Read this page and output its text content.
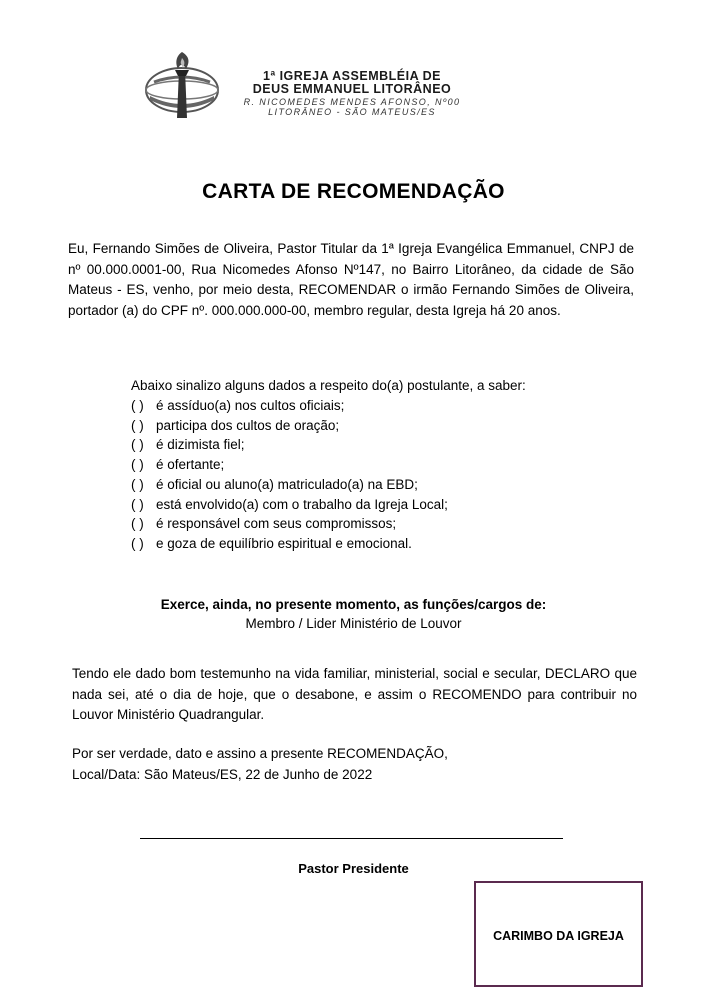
1ª IGREJA ASSEMBLÉIA DE
DEUS EMMANUEL LITORÂNEO
R. NICOMEDES MENDES AFONSO, Nº00
LITORÂNEO - SÃO MATEUS/ES
CARTA DE RECOMENDAÇÃO
Eu, Fernando Simões de Oliveira, Pastor Titular da 1ª Igreja Evangélica Emmanuel, CNPJ de nº 00.000.0001-00, Rua Nicomedes Afonso Nº147, no Bairro Litorâneo, da cidade de São Mateus - ES, venho, por meio desta, RECOMENDAR o irmão Fernando Simões de Oliveira, portador (a) do CPF nº. 000.000.000-00, membro regular, desta Igreja há 20 anos.
Abaixo sinalizo alguns dados a respeito do(a) postulante, a saber:
( ) é assíduo(a) nos cultos oficiais;
( ) participa dos cultos de oração;
( ) é dizimista fiel;
( ) é ofertante;
( ) é oficial ou aluno(a) matriculado(a) na EBD;
( ) está envolvido(a) com o trabalho da Igreja Local;
( ) é responsável com seus compromissos;
( ) e goza de equilíbrio espiritual e emocional.
Exerce, ainda, no presente momento, as funções/cargos de:
Membro / Lider Ministério de Louvor
Tendo ele dado bom testemunho na vida familiar, ministerial, social e secular, DECLARO que nada sei, até o dia de hoje, que o desabone, e assim o RECOMENDO para contribuir no Louvor Ministério Quadrangular.
Por ser verdade, dato e assino a presente RECOMENDAÇÃO,
Local/Data: São Mateus/ES, 22 de Junho de 2022
Pastor Presidente
CARIMBO DA IGREJA
